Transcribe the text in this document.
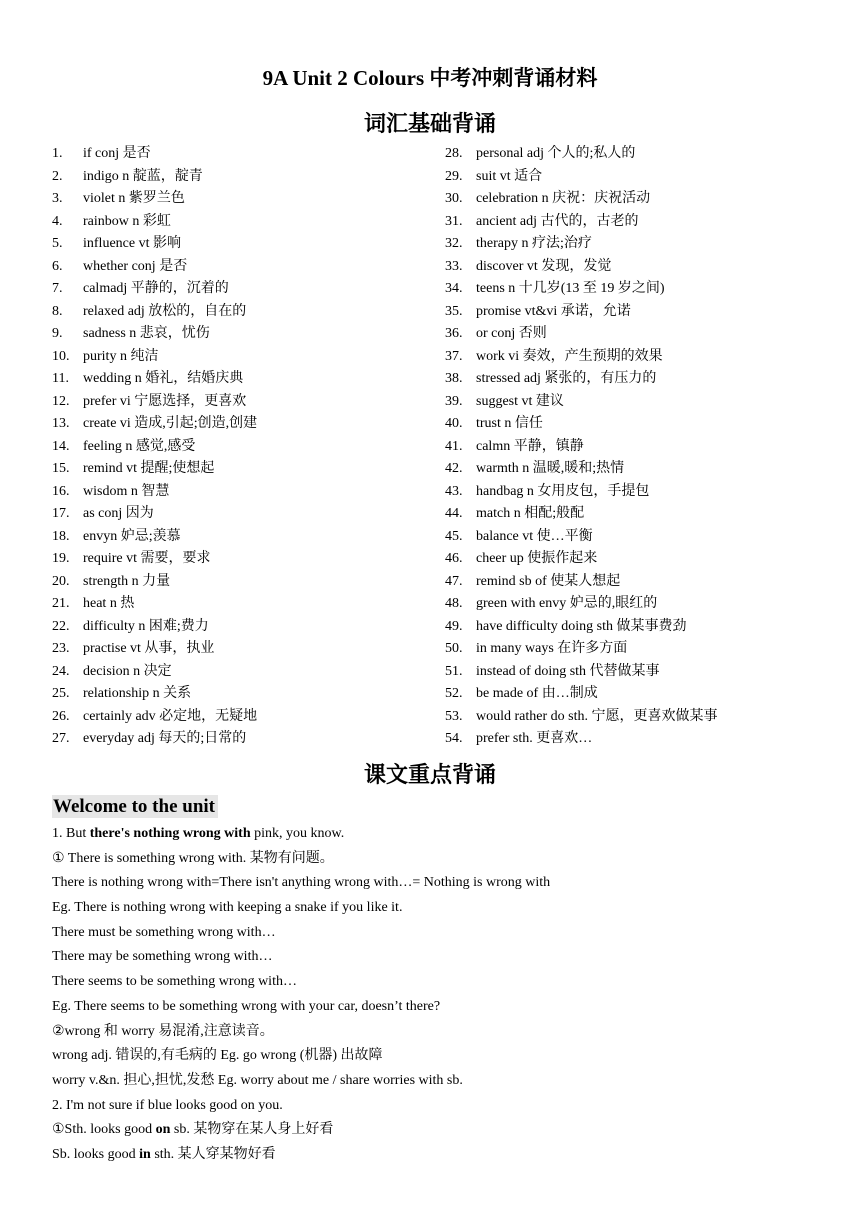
9A Unit 2 Colours 中考冲刺背诵材料
词汇基础背诵
1. if conj 是否
2. indigo n 靛蓝，靛青
3. violet n 紫罗兰色
4. rainbow n 彩虹
5. influence vt 影响
6. whether conj 是否
7. calmadj 平静的，沉着的
8. relaxed adj 放松的，自在的
9. sadness n 悲哀，忧伤
10. purity n 纯洁
11. wedding n 婚礼，结婚庆典
12. prefer vi 宁愿选择，更喜欢
13. create vi 造成,引起;创造,创建
14. feeling n 感觉,感受
15. remind vt 提醒;使想起
16. wisdom n 智慧
17. as conj 因为
18. envyn 妒忌;羡慕
19. require vt 需要，要求
20. strength n 力量
21. heat n 热
22. difficulty n 困难;费力
23. practise vt 从事，执业
24. decision n 决定
25. relationship n 关系
26. certainly adv 必定地，无疑地
27. everyday adj 每天的;日常的
28. personal adj 个人的;私人的
29. suit vt 适合
30. celebration n 庆祝：庆祝活动
31. ancient adj 古代的，古老的
32. therapy n 疗法;治疗
33. discover vt 发现，发觉
34. teens n 十几岁(13 至 19 岁之间)
35. promise vt&vi 承诺，允诺
36. or conj 否则
37. work vi 奏效，产生预期的效果
38. stressed adj 紧张的，有压力的
39. suggest vt 建议
40. trust n 信任
41. calmn 平静，镇静
42. warmth n 温暖,暖和;热情
43. handbag n 女用皮包，手提包
44. match n 相配;般配
45. balance vt 使…平衡
46. cheer up 使振作起来
47. remind sb of 使某人想起
48. green with envy 妒忌的,眼红的
49. have difficulty doing sth 做某事费劲
50. in many ways 在许多方面
51. instead of doing sth 代替做某事
52. be made of 由…制成
53. would rather do sth. 宁愿，更喜欢做某事
54. prefer sth. 更喜欢…
课文重点背诵
Welcome to the unit
1. But there's nothing wrong with pink, you know.
① There is something wrong with. 某物有问题。
There is nothing wrong with=There isn't anything wrong with…= Nothing is wrong with
Eg. There is nothing wrong with keeping a snake if you like it.
There must be something wrong with…
There may be something wrong with…
There seems to be something wrong with…
Eg. There seems to be something wrong with your car, doesn’t there?
②wrong 和 worry 易混淆,注意读音。
wrong adj. 错误的,有毛病的 Eg. go wrong (机器) 出故障
worry v.&n. 担心,担忧,发愁 Eg. worry about me / share worries with sb.
2. I'm not sure if blue looks good on you.
①Sth. looks good on sb. 某物穿在某人身上好看
Sb. looks good in sth. 某人穿某物好看
